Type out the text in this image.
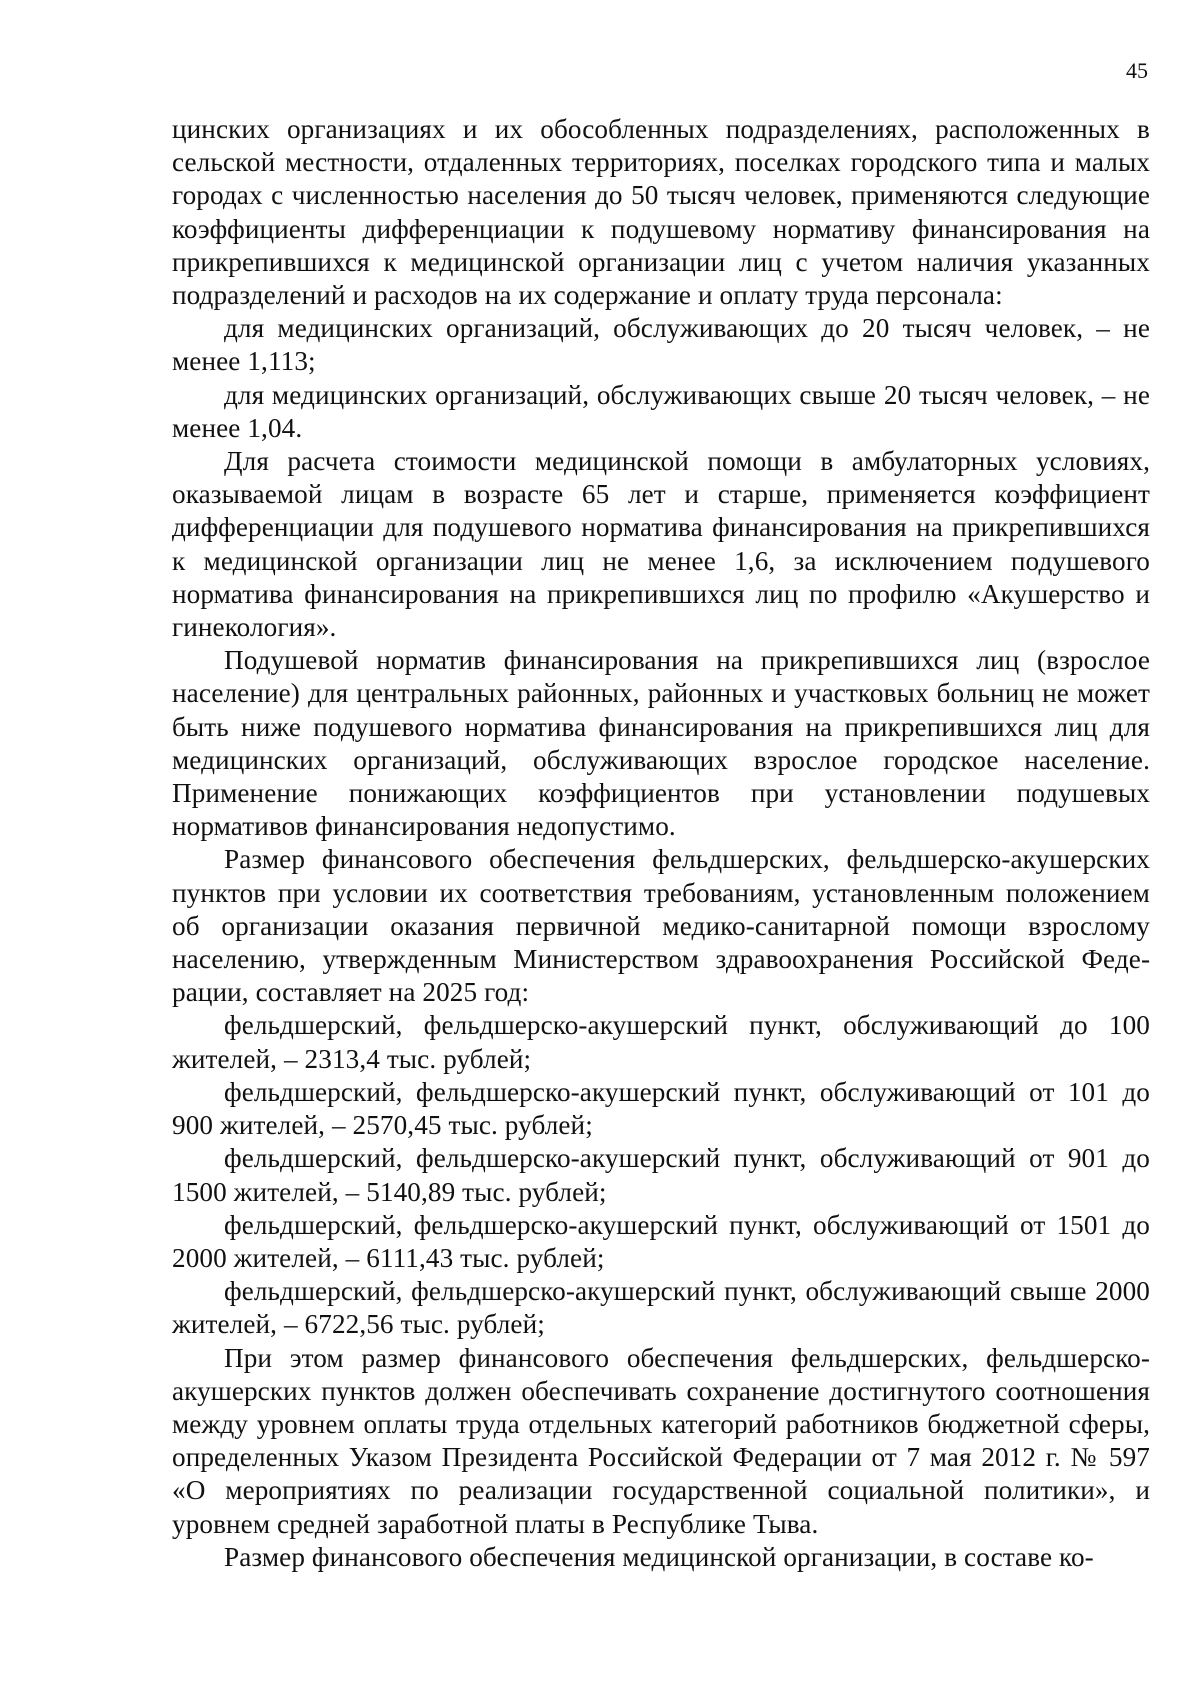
45

цинских организациях и их обособленных подразделениях, расположенных в сельской местности, отдаленных территориях, поселках городского типа и малых городах с численностью населения до 50 тысяч человек, применяются следующие коэффициенты дифференциации к подушевому нормативу финансирования на прикрепившихся к медицинской организации лиц с учетом наличия указанных подразделений и расходов на их содержание и оплату труда персонала:

для медицинских организаций, обслуживающих до 20 тысяч человек, – не менее 1,113;

для медицинских организаций, обслуживающих свыше 20 тысяч человек, – не менее 1,04.

Для расчета стоимости медицинской помощи в амбулаторных условиях, оказываемой лицам в возрасте 65 лет и старше, применяется коэффициент дифференциации для подушевого норматива финансирования на прикрепившихся к медицинской организации лиц не менее 1,6, за исключением подушевого норматива финансирования на прикрепившихся лиц по профилю «Акушерство и гинекология».

Подушевой норматив финансирования на прикрепившихся лиц (взрослое население) для центральных районных, районных и участковых больниц не может быть ниже подушевого норматива финансирования на прикрепившихся лиц для медицинских организаций, обслуживающих взрослое городское население. Применение понижающих коэффициентов при установлении подушевых нормативов финансирования недопустимо.

Размер финансового обеспечения фельдшерских, фельдшерско-акушерских пунктов при условии их соответствия требованиям, установленным положением об организации оказания первичной медико-санитарной помощи взрослому населению, утвержденным Министерством здравоохранения Российской Федерации, составляет на 2025 год:

фельдшерский, фельдшерско-акушерский пункт, обслуживающий до 100 жителей, – 2313,4 тыс. рублей;

фельдшерский, фельдшерско-акушерский пункт, обслуживающий от 101 до 900 жителей, – 2570,45 тыс. рублей;

фельдшерский, фельдшерско-акушерский пункт, обслуживающий от 901 до 1500 жителей, – 5140,89 тыс. рублей;

фельдшерский, фельдшерско-акушерский пункт, обслуживающий от 1501 до 2000 жителей, – 6111,43 тыс. рублей;

фельдшерский, фельдшерско-акушерский пункт, обслуживающий свыше 2000 жителей, – 6722,56 тыс. рублей;

При этом размер финансового обеспечения фельдшерских, фельдшерско-акушерских пунктов должен обеспечивать сохранение достигнутого соотношения между уровнем оплаты труда отдельных категорий работников бюджетной сферы, определенных Указом Президента Российской Федерации от 7 мая 2012 г. № 597 «О мероприятиях по реализации государственной социальной политики», и уровнем средней заработной платы в Республике Тыва.

Размер финансового обеспечения медицинской организации, в составе ко-
